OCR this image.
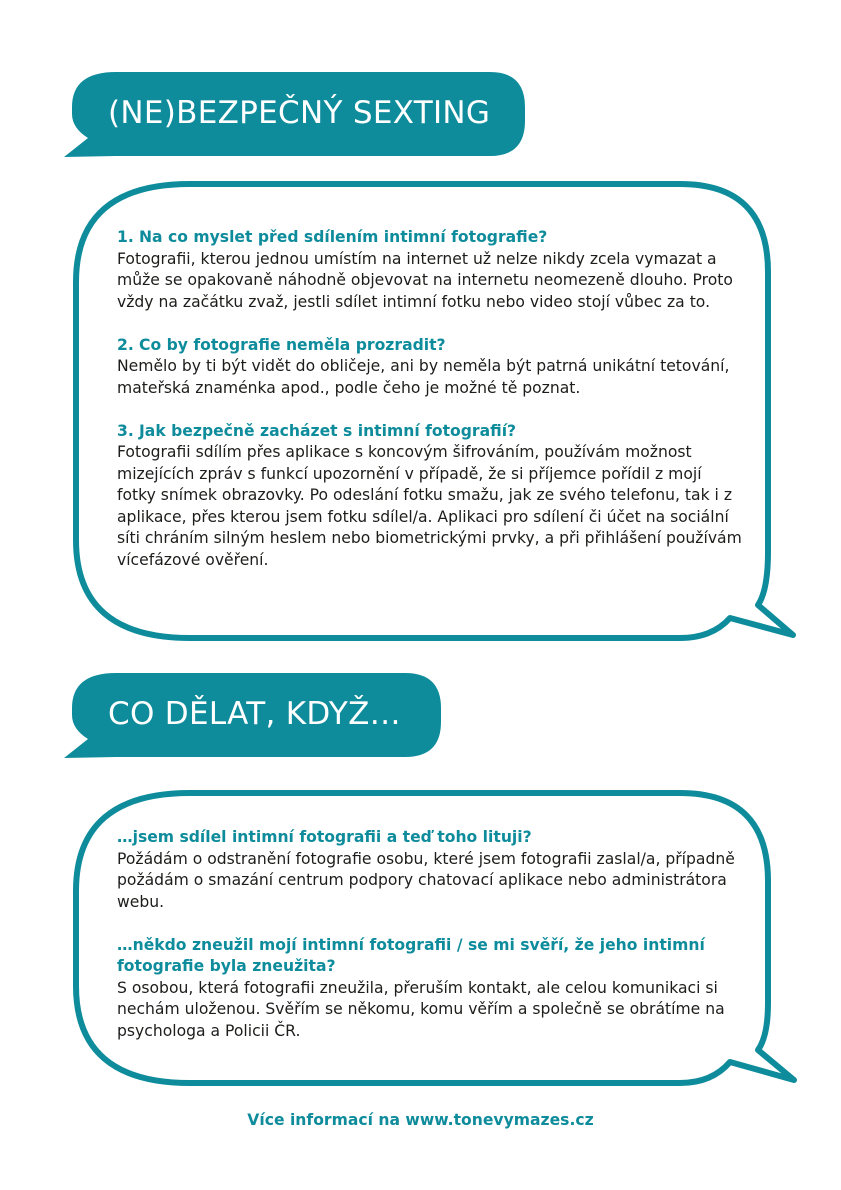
(NE)BEZPEČNÝ SEXTING

1. Na co myslet před sdílením intimní fotografie?

Fotografii, kterou jednou umístím na internet už nelze nikdy zcela vymazat a může se opakovaně náhodně objevovat na internetu neomezeně dlouho. Proto vždy na začátku zvaž, jestli sdílet intimní fotku nebo video stojí vůbec za to.

2. Co by fotografie neměla prozradit?

Nemělo by ti být vidět do obličeje, ani by neměla být patrná unikátní tetování, mateřská znaménka apod., podle čeho je možné tě poznat.

3. Jak bezpečně zacházet s intimní fotografií?

Fotografii sdílím přes aplikace s koncovým šifrováním, používám možnost mizejících zpráv s funkcí upozornění v případě, že si příjemce pořídil z mojí fotky snímek obrazovky. Po odeslání fotku smažu, jak ze svého telefonu, tak i z aplikace, přes kterou jsem fotku sdílel/a. Aplikaci pro sdílení či účet na sociální síti chráním silným heslem nebo biometrickými prvky, a při přihlášení používám vícefázové ověření.

CO DĚLAT, KDYŽ…

…jsem sdílel intimní fotografii a teď toho lituji?

Požádám o odstranění fotografie osobu, které jsem fotografii zaslal/a, případně požádám o smazání centrum podpory chatovací aplikace nebo administrátora webu.

…někdo zneužil mojí intimní fotografii / se mi svěří, že jeho intimní fotografie byla zneužita?

S osobou, která fotografii zneužila, přeruším kontakt, ale celou komunikaci si nechám uloženou. Svěřím se někomu, komu věřím a společně se obrátíme na psychologa a Policii ČR.

Více informací na www.tonevymazes.cz
